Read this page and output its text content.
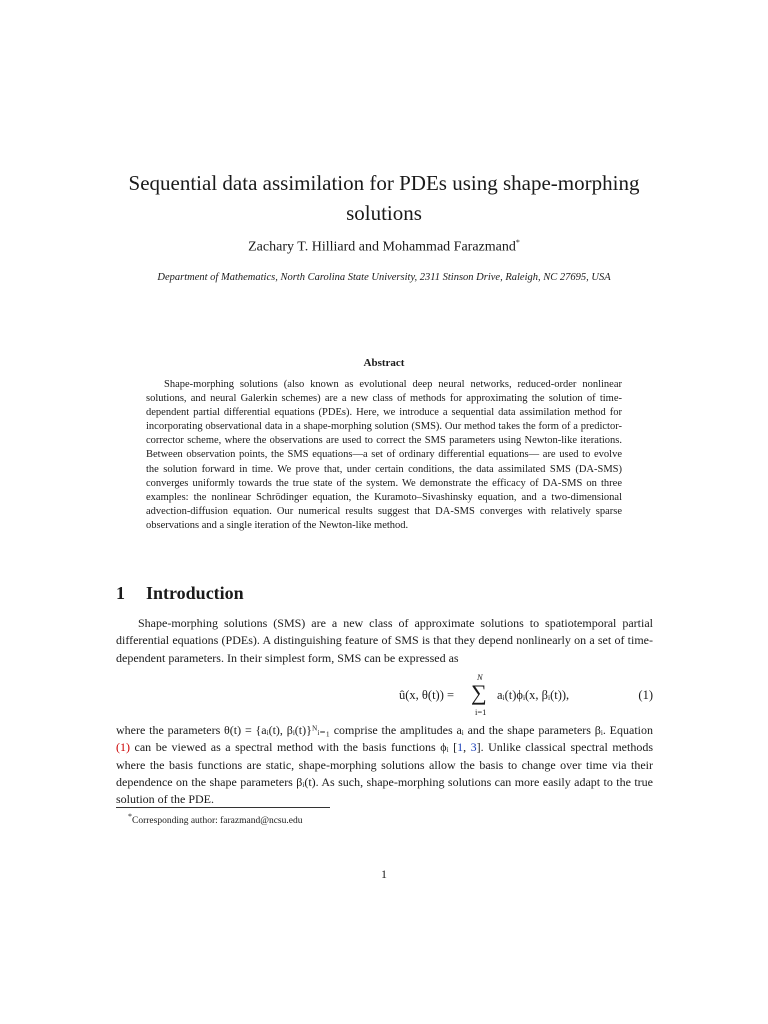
Sequential data assimilation for PDEs using shape-morphing solutions
Zachary T. Hilliard and Mohammad Farazmand*
Department of Mathematics, North Carolina State University, 2311 Stinson Drive, Raleigh, NC 27695, USA
Abstract
Shape-morphing solutions (also known as evolutional deep neural networks, reduced-order nonlinear solutions, and neural Galerkin schemes) are a new class of methods for approximating the solution of time-dependent partial differential equations (PDEs). Here, we introduce a sequential data assimilation method for incorporating observational data in a shape-morphing solution (SMS). Our method takes the form of a predictor-corrector scheme, where the observations are used to correct the SMS parameters using Newton-like iterations. Between observation points, the SMS equations—a set of ordinary differential equations— are used to evolve the solution forward in time. We prove that, under certain conditions, the data assimilated SMS (DA-SMS) converges uniformly towards the true state of the system. We demonstrate the efficacy of DA-SMS on three examples: the nonlinear Schrödinger equation, the Kuramoto–Sivashinsky equation, and a two-dimensional advection-diffusion equation. Our numerical results suggest that DA-SMS converges with relatively sparse observations and a single iteration of the Newton-like method.
1 Introduction
Shape-morphing solutions (SMS) are a new class of approximate solutions to spatiotemporal partial differential equations (PDEs). A distinguishing feature of SMS is that they depend nonlinearly on a set of time-dependent parameters. In their simplest form, SMS can be expressed as
û(x, θ(t)) =
N
∑
i=1
aᵢ(t)ϕᵢ(x, βᵢ(t)),	(1)
where the parameters θ(t) = {aᵢ(t), βᵢ(t)}ᴺᵢ₌₁ comprise the amplitudes aᵢ and the shape parameters βᵢ. Equation (1) can be viewed as a spectral method with the basis functions ϕᵢ [1, 3]. Unlike classical spectral methods where the basis functions are static, shape-morphing solutions allow the basis to change over time via their dependence on the shape parameters βᵢ(t). As such, shape-morphing solutions can more easily adapt to the true solution of the PDE.
*Corresponding author: farazmand@ncsu.edu
1
